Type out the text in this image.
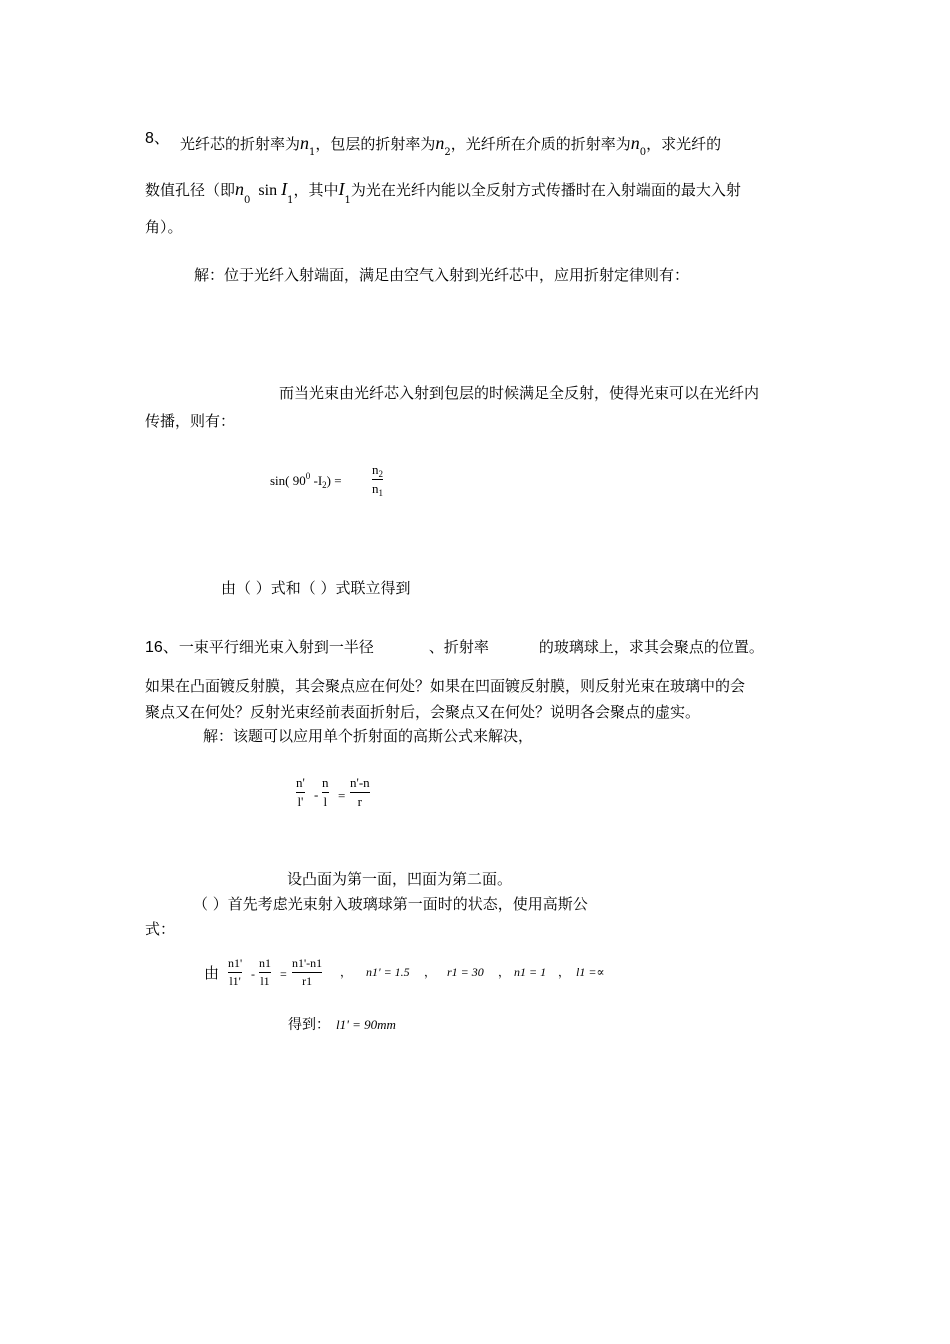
8、 光纤芯的折射率为$n_1$，包层的折射率为$n_2$，光纤所在介质的折射率为$n_0$，求光纤的
数值孔径（即$n_0\sin$ $I_1$，其中$I_1$为光在光纤内能以全反射方式传播时在入射端面的最大入射
角）。
解：位于光纤入射端面，满足由空气入射到光纤芯中，应用折射定律则有：
而当光束由光纤芯入射到包层的时候满足全反射，使得光束可以在光纤内
传播，则有：
sin( $90^0$ $-I_2$) =
$n_2$
$n_1$
由（ ）式和（ ）式联立得到
16、一束平行细光束入射到一半径	、折射率	的玻璃球上，求其会聚点的位置。
如果在凸面镀反射膜，其会聚点应在何处？如果在凹面镀反射膜，则反射光束在玻璃中的会
聚点又在何处？反射光束经前表面折射后，会聚点又在何处？说明各会聚点的虚实。
解：该题可以应用单个折射面的高斯公式来解决，
n'
l' -
n
l =
n'-n
r
设凸面为第一面，凹面为第二面。
（ ）首先考虑光束射入玻璃球第一面时的状态，使用高斯公
式：
由
n1'
l1'
-
n1
l1
=
n1'-n1
r1
， n1' = 1.5 ， r1 = 30 ， n1 = 1 ， l1 =∝
得到： l1' = 90mm
